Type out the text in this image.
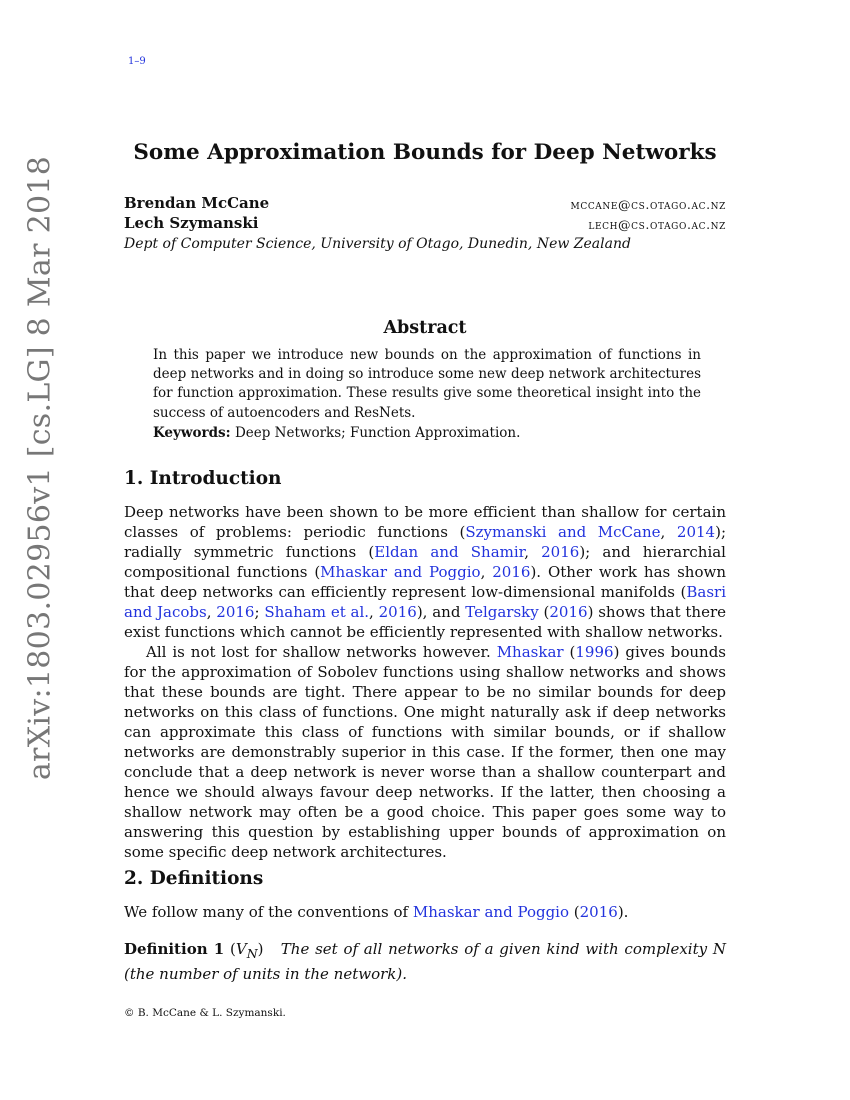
1–9
arXiv:1803.02956v1 [cs.LG] 8 Mar 2018
Some Approximation Bounds for Deep Networks
Brendan McCane	mccane@cs.otago.ac.nz
Lech Szymanski	lech@cs.otago.ac.nz
Dept of Computer Science, University of Otago, Dunedin, New Zealand
Abstract
In this paper we introduce new bounds on the approximation of functions in deep networks and in doing so introduce some new deep network architectures for function approximation. These results give some theoretical insight into the success of autoencoders and ResNets.
Keywords: Deep Networks; Function Approximation.
1. Introduction
Deep networks have been shown to be more efficient than shallow for certain classes of problems: periodic functions (Szymanski and McCane, 2014); radially symmetric functions (Eldan and Shamir, 2016); and hierarchial compositional functions (Mhaskar and Poggio, 2016). Other work has shown that deep networks can efficiently represent low-dimensional manifolds (Basri and Jacobs, 2016; Shaham et al., 2016), and Telgarsky (2016) shows that there exist functions which cannot be efficiently represented with shallow networks.
All is not lost for shallow networks however. Mhaskar (1996) gives bounds for the approximation of Sobolev functions using shallow networks and shows that these bounds are tight. There appear to be no similar bounds for deep networks on this class of functions. One might naturally ask if deep networks can approximate this class of functions with similar bounds, or if shallow networks are demonstrably superior in this case. If the former, then one may conclude that a deep network is never worse than a shallow counterpart and hence we should always favour deep networks. If the latter, then choosing a shallow network may often be a good choice. This paper goes some way to answering this question by establishing upper bounds of approximation on some specific deep network architectures.
2. Definitions
We follow many of the conventions of Mhaskar and Poggio (2016).
Definition 1 $(V_N)$ The set of all networks of a given kind with complexity N (the number of units in the network).
© B. McCane & L. Szymanski.
